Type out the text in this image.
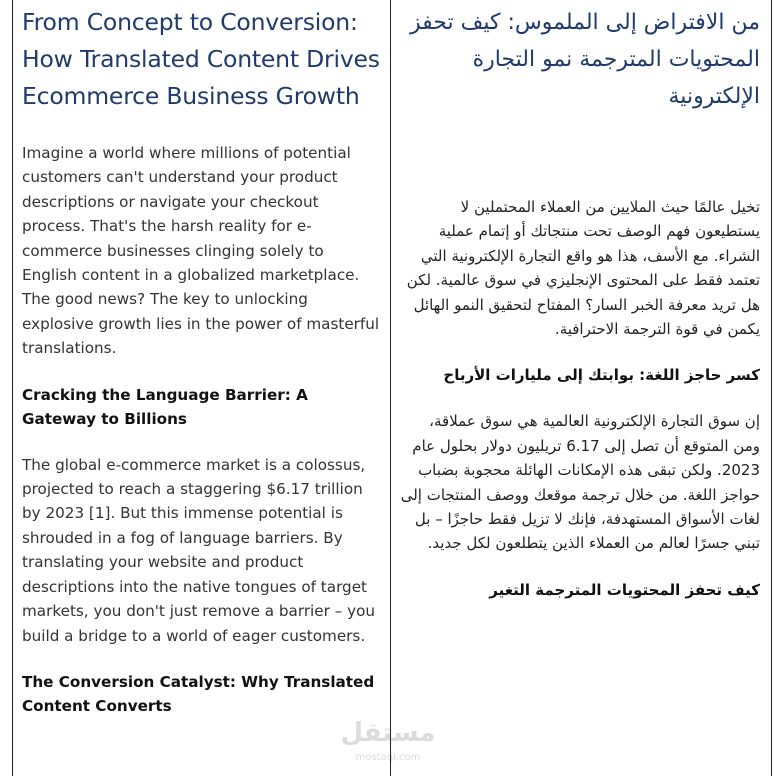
From Concept to Conversion: How Translated Content Drives Ecommerce Business Growth

Imagine a world where millions of potential customers can't understand your product descriptions or navigate your checkout process. That's the harsh reality for e-commerce businesses clinging solely to English content in a globalized marketplace. The good news? The key to unlocking explosive growth lies in the power of masterful translations.

Cracking the Language Barrier: A Gateway to Billions

The global e-commerce market is a colossus, projected to reach a staggering $6.17 trillion by 2023 [1]. But this immense potential is shrouded in a fog of language barriers. By translating your website and product descriptions into the native tongues of target markets, you don't just remove a barrier – you build a bridge to a world of eager customers.

The Conversion Catalyst: Why Translated Content Converts

من الافتراض إلى الملموس: كيف تحفز المحتويات المترجمة نمو التجارة الإلكترونية

تخيل عالمًا حيث الملايين من العملاء المحتملين لا يستطيعون فهم الوصف تحت منتجاتك أو إتمام عملية الشراء. مع الأسف، هذا هو واقع التجارة الإلكترونية التي تعتمد فقط على المحتوى الإنجليزي في سوق عالمية. لكن هل تريد معرفة الخبر السار؟ المفتاح لتحقيق النمو الهائل يكمن في قوة الترجمة الاحترافية.

كسر حاجز اللغة: بوابتك إلى مليارات الأرباح

إن سوق التجارة الإلكترونية العالمية هي سوق عملاقة، ومن المتوقع أن تصل إلى 6.17 تريليون دولار بحلول عام 2023. ولكن تبقى هذه الإمكانات الهائلة محجوبة بضباب حواجز اللغة. من خلال ترجمة موقعك ووصف المنتجات إلى لغات الأسواق المستهدفة، فإنك لا تزيل فقط حاجزًا – بل تبني جسرًا لعالم من العملاء الذين يتطلعون لكل جديد.

كيف تحفز المحتويات المترجمة التغير

مستقل
mostaql.com
